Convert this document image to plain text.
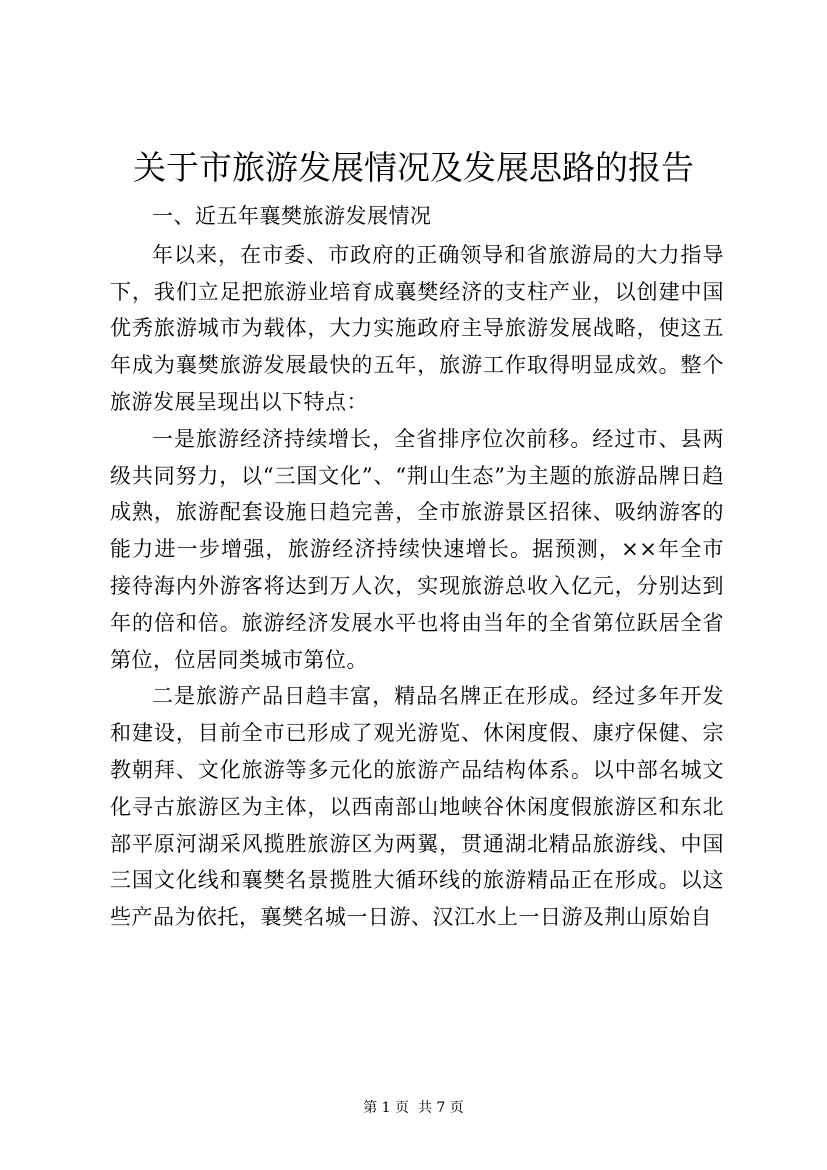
关于市旅游发展情况及发展思路的报告

一、近五年襄樊旅游发展情况

年以来，在市委、市政府的正确领导和省旅游局的大力指导下，我们立足把旅游业培育成襄樊经济的支柱产业，以创建中国优秀旅游城市为载体，大力实施政府主导旅游发展战略，使这五年成为襄樊旅游发展最快的五年，旅游工作取得明显成效。整个旅游发展呈现出以下特点：

一是旅游经济持续增长，全省排序位次前移。经过市、县两级共同努力，以“三国文化”、“荆山生态”为主题的旅游品牌日趋成熟，旅游配套设施日趋完善，全市旅游景区招徕、吸纳游客的能力进一步增强，旅游经济持续快速增长。据预测，××年全市接待海内外游客将达到万人次，实现旅游总收入亿元，分别达到年的倍和倍。旅游经济发展水平也将由当年的全省第位跃居全省第位，位居同类城市第位。

二是旅游产品日趋丰富，精品名牌正在形成。经过多年开发和建设，目前全市已形成了观光游览、休闲度假、康疗保健、宗教朝拜、文化旅游等多元化的旅游产品结构体系。以中部名城文化寻古旅游区为主体，以西南部山地峡谷休闲度假旅游区和东北部平原河湖采风揽胜旅游区为两翼，贯通湖北精品旅游线、中国三国文化线和襄樊名景揽胜大循环线的旅游精品正在形成。以这些产品为依托，襄樊名城一日游、汉江水上一日游及荆山原始自

第 1 页  共 7 页
